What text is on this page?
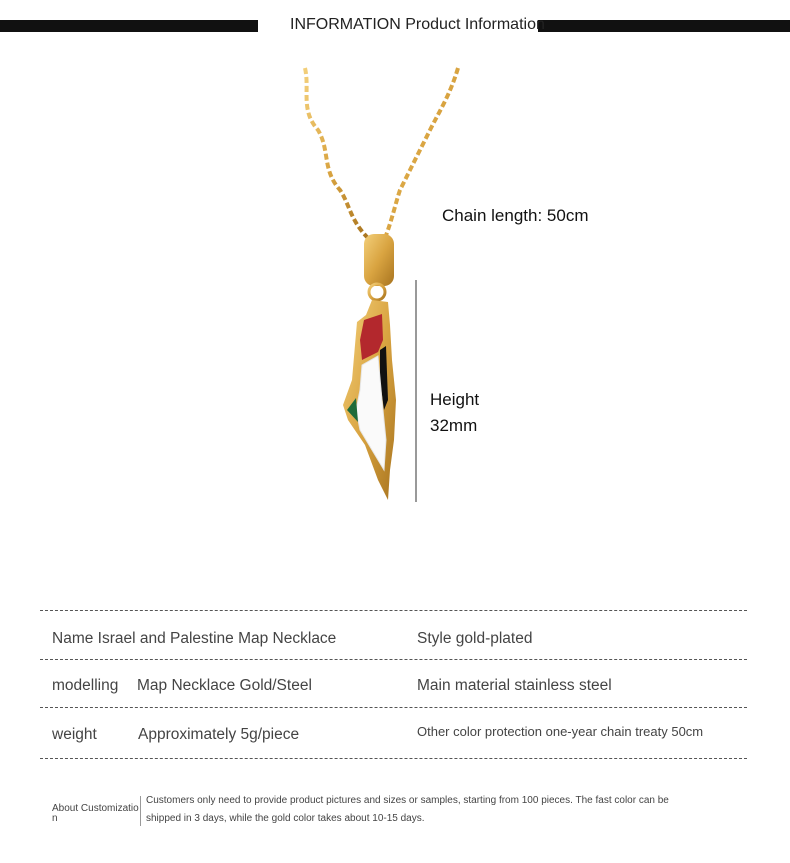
INFORMATION Product Information
Chain length: 50cm
Height
32mm
Name Israel and Palestine Map Necklace	Style gold-plated
modelling Map Necklace Gold/Steel	Main material stainless steel
weight	Approximately 5g/piece	Other color protection one-year chain treaty 50cm
About Customization
Customers only need to provide product pictures and sizes or samples, starting from 100 pieces. The fast color can be shipped in 3 days, while the gold color takes about 10-15 days.
